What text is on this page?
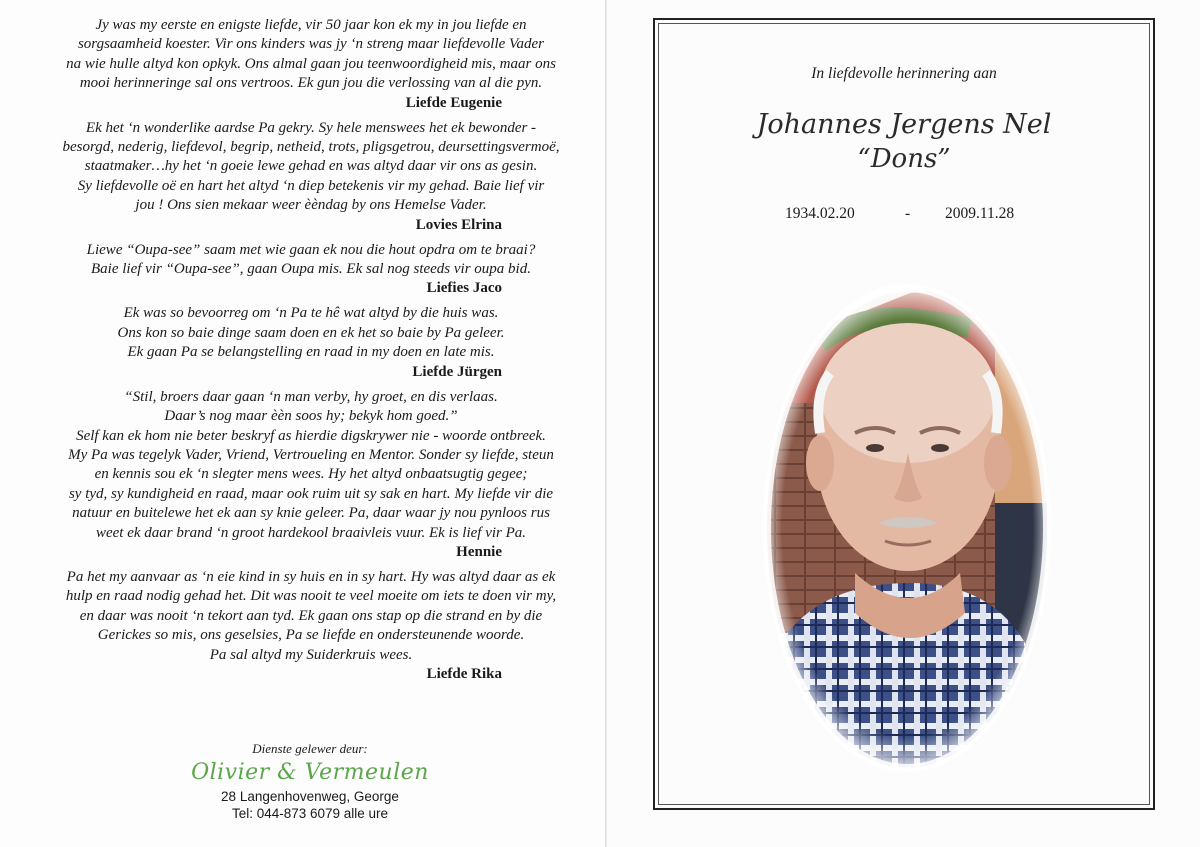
Jy was my eerste en enigste liefde, vir 50 jaar kon ek my in jou liefde en

sorgsaamheid koester. Vir ons kinders was jy ‘n streng maar liefdevolle Vader

na wie hulle altyd kon opkyk. Ons almal gaan jou teenwoordigheid mis, maar ons

mooi herinneringe sal ons vertroos. Ek gun jou die verlossing van al die pyn.

Liefde Eugenie

Ek het ‘n wonderlike aardse Pa gekry. Sy hele menswees het ek bewonder -

besorgd, nederig, liefdevol, begrip, netheid, trots, pligsgetrou, deursettingsvermoë,

staatmaker…hy het ‘n goeie lewe gehad en was altyd daar vir ons as gesin.

Sy liefdevolle oë en hart het altyd ‘n diep betekenis vir my gehad. Baie lief vir

jou ! Ons sien mekaar weer èèndag by ons Hemelse Vader.

Lovies Elrina

Liewe “Oupa-see” saam met wie gaan ek nou die hout opdra om te braai?

Baie lief vir “Oupa-see”, gaan Oupa mis. Ek sal nog steeds vir oupa bid.

Liefies Jaco

Ek was so bevoorreg om ‘n Pa te hê wat altyd by die huis was.

Ons kon so baie dinge saam doen en ek het so baie by Pa geleer.

Ek gaan Pa se belangstelling en raad in my doen en late mis.

Liefde Jürgen

“Stil, broers daar gaan ‘n man verby, hy groet, en dis verlaas.

Daar’s nog maar èèn soos hy; bekyk hom goed.”

Self kan ek hom nie beter beskryf as hierdie digskrywer nie - woorde ontbreek.

My Pa was tegelyk Vader, Vriend, Vertroueling en Mentor. Sonder sy liefde, steun

en kennis sou ek ‘n slegter mens wees. Hy het altyd onbaatsugtig gegee;

sy tyd, sy kundigheid en raad, maar ook ruim uit sy sak en hart. My liefde vir die

natuur en buitelewe het ek aan sy knie geleer. Pa, daar waar jy nou pynloos rus

weet ek daar brand ‘n groot hardekool braaivleis vuur. Ek is lief vir Pa.

Hennie

Pa het my aanvaar as ‘n eie kind in sy huis en in sy hart. Hy was altyd daar as ek

hulp en raad nodig gehad het. Dit was nooit te veel moeite om iets te doen vir my,

en daar was nooit ‘n tekort aan tyd. Ek gaan ons stap op die strand en by die

Gerickes so mis, ons geselsies, Pa se liefde en ondersteunende woorde.

Pa sal altyd my Suiderkruis wees.

Liefde Rika
Dienste gelewer deur:
Olivier & Vermeulen
28 Langenhovenweg, George
Tel: 044-873 6079 alle ure
In liefdevolle herinnering aan
Johannes Jergens Nel
“Dons”
1934.02.20	- 2009.11.28
